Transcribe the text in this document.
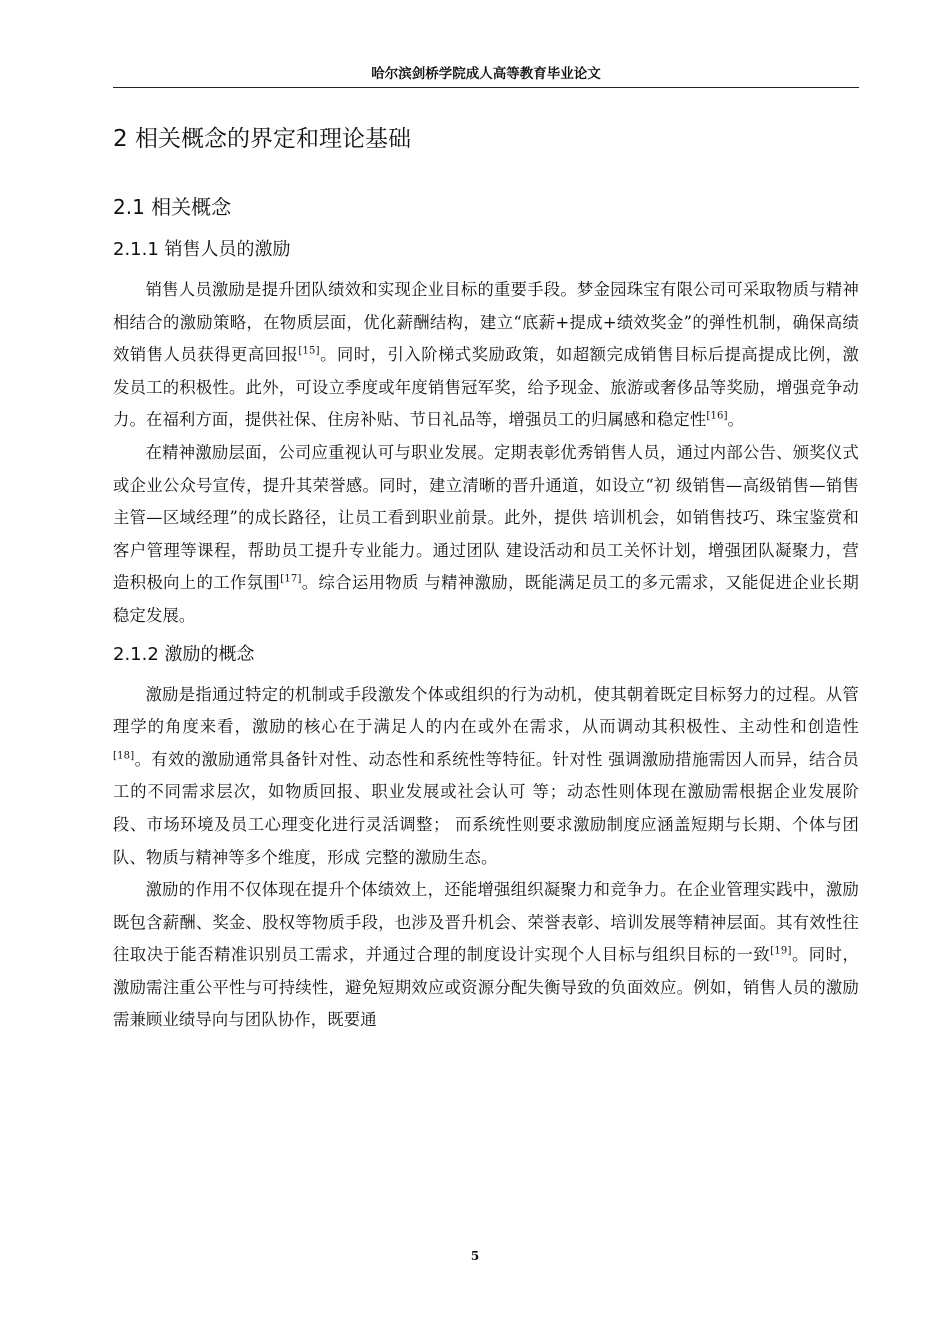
哈尔滨剑桥学院成人高等教育毕业论文
2 相关概念的界定和理论基础
2.1 相关概念
2.1.1 销售人员的激励

销售人员激励是提升团队绩效和实现企业目标的重要手段。梦金园珠宝有限公司可采取物质与精神相结合的激励策略，在物质层面，优化薪酬结构，建立“底薪+提成+绩效奖金”的弹性机制，确保高绩效销售人员获得更高回报[15]。同时，引入阶梯式奖励政策，如超额完成销售目标后提高提成比例，激发员工的积极性。此外，可设立季度或年度销售冠军奖，给予现金、旅游或奢侈品等奖励，增强竞争动力。在福利方面，提供社保、住房补贴、节日礼品等，增强员工的归属感和稳定性[16]。

在精神激励层面，公司应重视认可与职业发展。定期表彰优秀销售人员，通过内部公告、颁奖仪式或企业公众号宣传，提升其荣誉感。同时，建立清晰的晋升通道，如设立“初 级销售—高级销售—销售主管—区域经理”的成长路径，让员工看到职业前景。此外，提供 培训机会，如销售技巧、珠宝鉴赏和客户管理等课程，帮助员工提升专业能力。通过团队 建设活动和员工关怀计划，增强团队凝聚力，营造积极向上的工作氛围[17]。综合运用物质 与精神激励，既能满足员工的多元需求，又能促进企业长期稳定发展。

2.1.2 激励的概念

激励是指通过特定的机制或手段激发个体或组织的行为动机，使其朝着既定目标努力的过程。从管理学的角度来看，激励的核心在于满足人的内在或外在需求，从而调动其积极性、主动性和创造性[18]。有效的激励通常具备针对性、动态性和系统性等特征。针对性 强调激励措施需因人而异，结合员工的不同需求层次，如物质回报、职业发展或社会认可 等；动态性则体现在激励需根据企业发展阶段、市场环境及员工心理变化进行灵活调整； 而系统性则要求激励制度应涵盖短期与长期、个体与团队、物质与精神等多个维度，形成 完整的激励生态。

激励的作用不仅体现在提升个体绩效上，还能增强组织凝聚力和竞争力。在企业管理实践中，激励既包含薪酬、奖金、股权等物质手段，也涉及晋升机会、荣誉表彰、培训发展等精神层面。其有效性往往取决于能否精准识别员工需求，并通过合理的制度设计实现个人目标与组织目标的一致[19]。同时，激励需注重公平性与可持续性，避免短期效应或资源分配失衡导致的负面效应。例如，销售人员的激励需兼顾业绩导向与团队协作，既要通

5
